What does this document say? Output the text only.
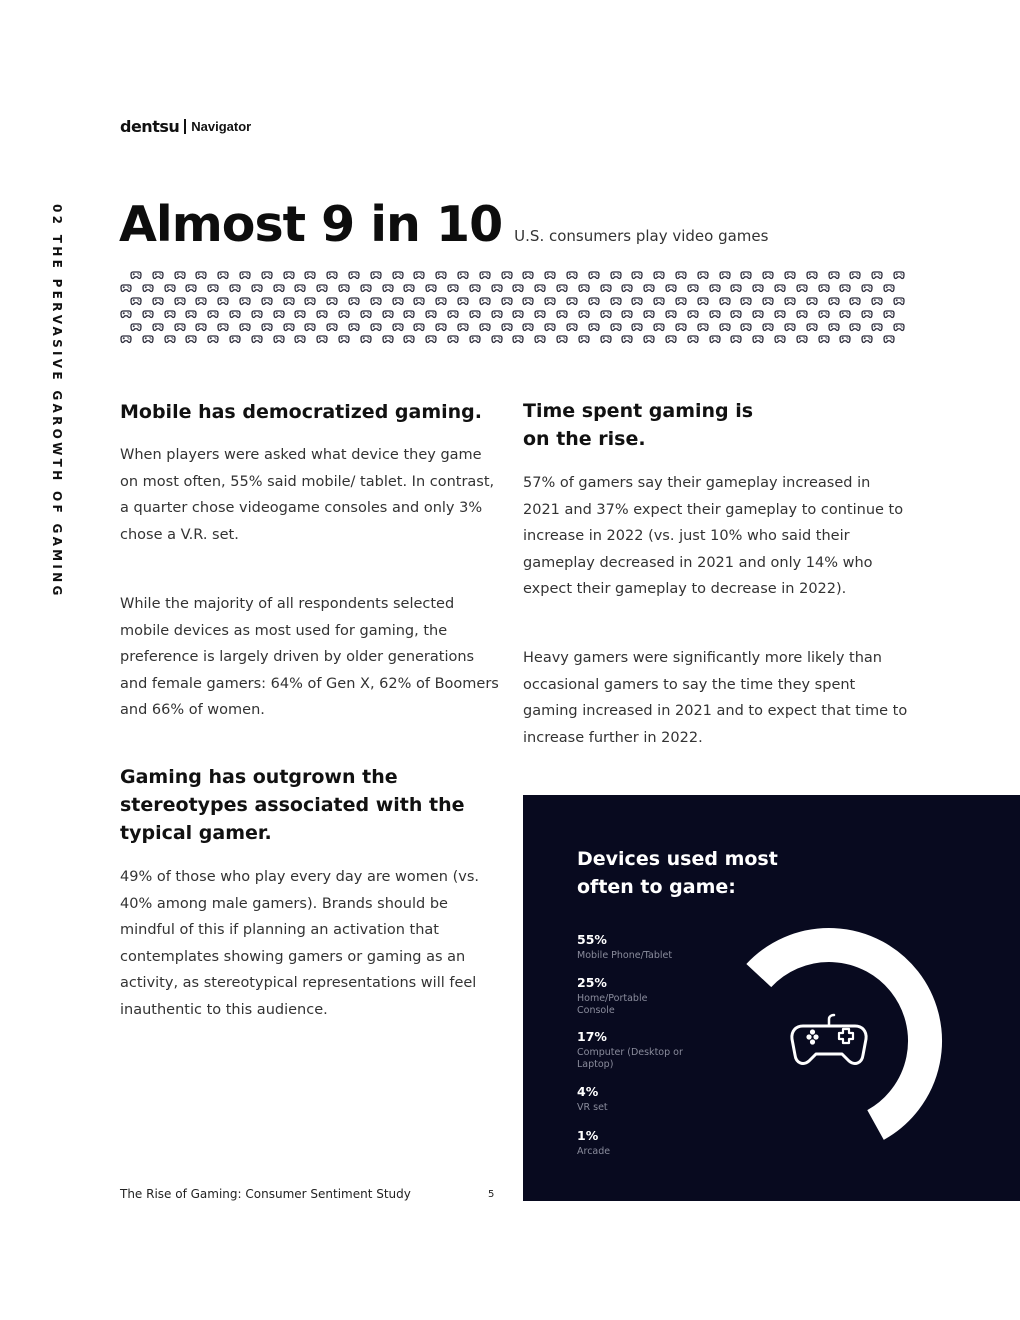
dentsu Navigator
02 THE PERVASIVE GAROWTH OF GAMING Almost 9 in 10 U.S. consumers play video games
Mobile has democratized gaming.

When players were asked what device they game on most often, 55% said mobile/ tablet. In contrast, a quarter chose videogame consoles and only 3% chose a V.R. set.

While the majority of all respondents selected mobile devices as most used for gaming, the preference is largely driven by older generations and female gamers: 64% of Gen X, 62% of Boomers and 66% of women.

Gaming has outgrown the stereotypes associated with the typical gamer.

49% of those who play every day are women (vs. 40% among male gamers). Brands should be mindful of this if planning an activation that contemplates showing gamers or gaming as an activity, as stereotypical representations will feel inauthentic to this audience.

Time spent gaming is on the rise.

57% of gamers say their gameplay increased in 2021 and 37% expect their gameplay to continue to increase in 2022 (vs. just 10% who said their gameplay decreased in 2021 and only 14% who expect their gameplay to decrease in 2022).

Heavy gamers were significantly more likely than occasional gamers to say the time they spent gaming increased in 2021 and to expect that time to increase further in 2022.

Devices used most often to game:
55%
Mobile Phone/Tablet
25%
Home/Portable Console
17%
Computer (Desktop or Laptop)
4%
VR set
1%
Arcade
The Rise of Gaming: Consumer Sentiment Study	5
